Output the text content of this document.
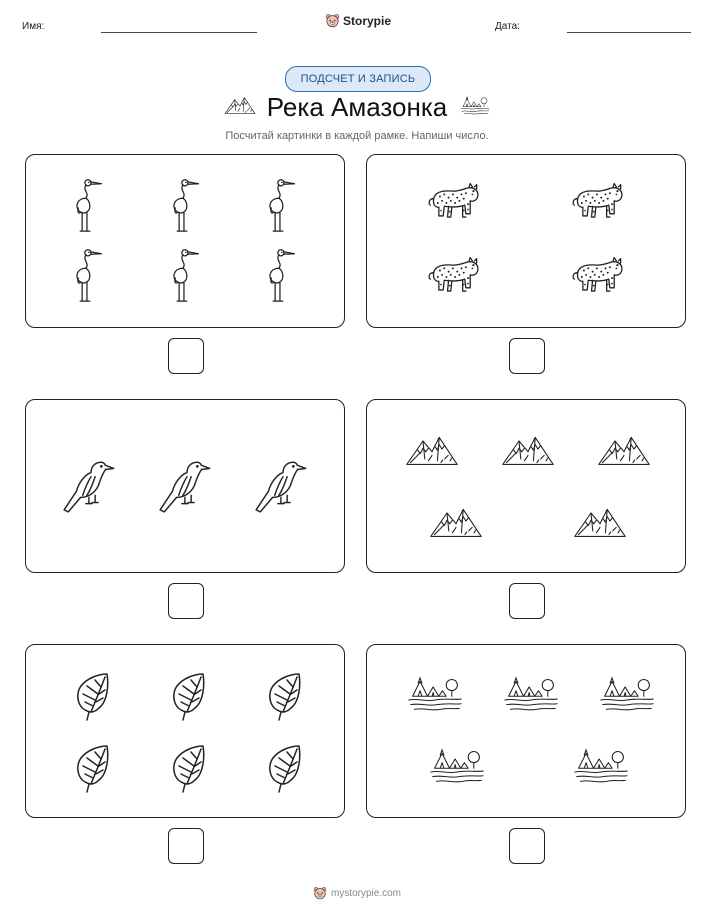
Имя:	Storypie	Дата:
ПОДСЧЕТ И ЗАПИСЬ
Река Амазонка
Посчитай картинки в каждой рамке. Напиши число.
mystorypie.com
